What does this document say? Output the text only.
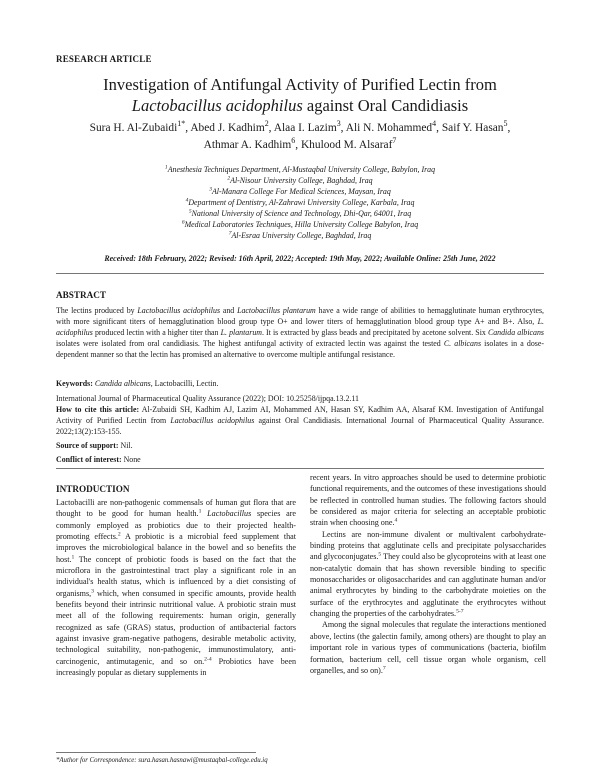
RESEARCH ARTICLE
Investigation of Antifungal Activity of Purified Lectin from
Lactobacillus acidophilus against Oral Candidiasis
Sura H. Al-Zubaidi$^{1*}$, Abed J. Kadhim$^2$, Alaa I. Lazim$^3$, Ali N. Mohammed$^4$, Saif Y. Hasan$^5$,
Athmar A. Kadhim$^6$, Khulood M. Alsaraf$^7$
$^1$Anesthesia Techniques Department, Al-Mustaqbal University College, Babylon, Iraq
$^2$Al-Nisour University College, Baghdad, Iraq
$^3$Al-Manara College For Medical Sciences, Maysan, Iraq
$^4$Department of Dentistry, Al-Zahrawi University College, Karbala, Iraq
$^5$National University of Science and Technology, Dhi-Qar, 64001, Iraq
$^6$Medical Laboratories Techniques, Hilla University College Babylon, Iraq
$^7$Al-Esraa University College, Baghdad, Iraq
Received: 18th February, 2022; Revised: 16th April, 2022; Accepted: 19th May, 2022; Available Online: 25th June, 2022
ABSTRACT
The lectins produced by Lactobacillus acidophilus and Lactobacillus plantarum have a wide range of abilities to hemagglutinate human erythrocytes, with more significant titers of hemagglutination blood group type O+ and lower titers of hemagglutination blood group type A+ and B+. Also, L. acidophilus produced lectin with a higher titer than L. plantarum. It is extracted by glass beads and precipitated by acetone solvent. Six Candida albicans isolates were isolated from oral candidiasis. The highest antifungal activity of extracted lectin was against the tested C. albicans isolates in a dose-dependent manner so that the lectin has promised an alternative to overcome multiple antifungal resistance.
Keywords: Candida albicans, Lactobacilli, Lectin.
International Journal of Pharmaceutical Quality Assurance (2022); DOI: 10.25258/ijpqa.13.2.11
How to cite this article: Al-Zubaidi SH, Kadhim AJ, Lazim AI, Mohammed AN, Hasan SY, Kadhim AA, Alsaraf KM. Investigation of Antifungal Activity of Purified Lectin from Lactobacillus acidophilus against Oral Candidiasis. International Journal of Pharmaceutical Quality Assurance. 2022;13(2):153-155.
Source of support: Nil.
Conflict of interest: None
INTRODUCTION

Lactobacilli are non-pathogenic commensals of human gut flora that are thought to be good for human health.$^1$ Lactobacillus species are commonly employed as probiotics due to their projected health-promoting effects.$^2$ A probiotic is a microbial feed supplement that improves the microbiological balance in the bowel and so benefits the host.$^1$ The concept of probiotic foods is based on the fact that the microflora in the gastrointestinal tract play a significant role in an individual's health status, which is influenced by a diet consisting of organisms,$^3$ which, when consumed in specific amounts, provide health benefits beyond their intrinsic nutritional value. A probiotic strain must meet all of the following requirements: human origin, generally recognized as safe (GRAS) status, production of antibacterial factors against invasive gram-negative pathogens, desirable metabolic activity, technological suitability, non-pathogenic, immunostimulatory, anti-carcinogenic, antimutagenic, and so on.$^{2-4}$ Probiotics have been increasingly popular as dietary supplements in

recent years. In vitro approaches should be used to determine probiotic functional requirements, and the outcomes of these investigations should be reflected in controlled human studies. The following factors should be considered as major criteria for selecting an acceptable probiotic strain when choosing one.$^4$

Lectins are non-immune divalent or multivalent carbohydrate-binding proteins that agglutinate cells and precipitate polysaccharides and glycoconjugates.$^5$ They could also be glycoproteins with at least one non-catalytic domain that has shown reversible binding to specific monosaccharides or oligosaccharides and can agglutinate human and/or animal erythrocytes by binding to the carbohydrate moieties on the surface of the erythrocytes and agglutinate the erythrocytes without changing the properties of the carbohydrates.$^{5-7}$

Among the signal molecules that regulate the interactions mentioned above, lectins (the galectin family, among others) are thought to play an important role in various types of communications (bacteria, biofilm formation, bacterium cell, cell tissue organ whole organism, cell organelles, and so on).$^7$

*Author for Correspondence: sura.hasan.hasnawi@mustaqbal-college.edu.iq
